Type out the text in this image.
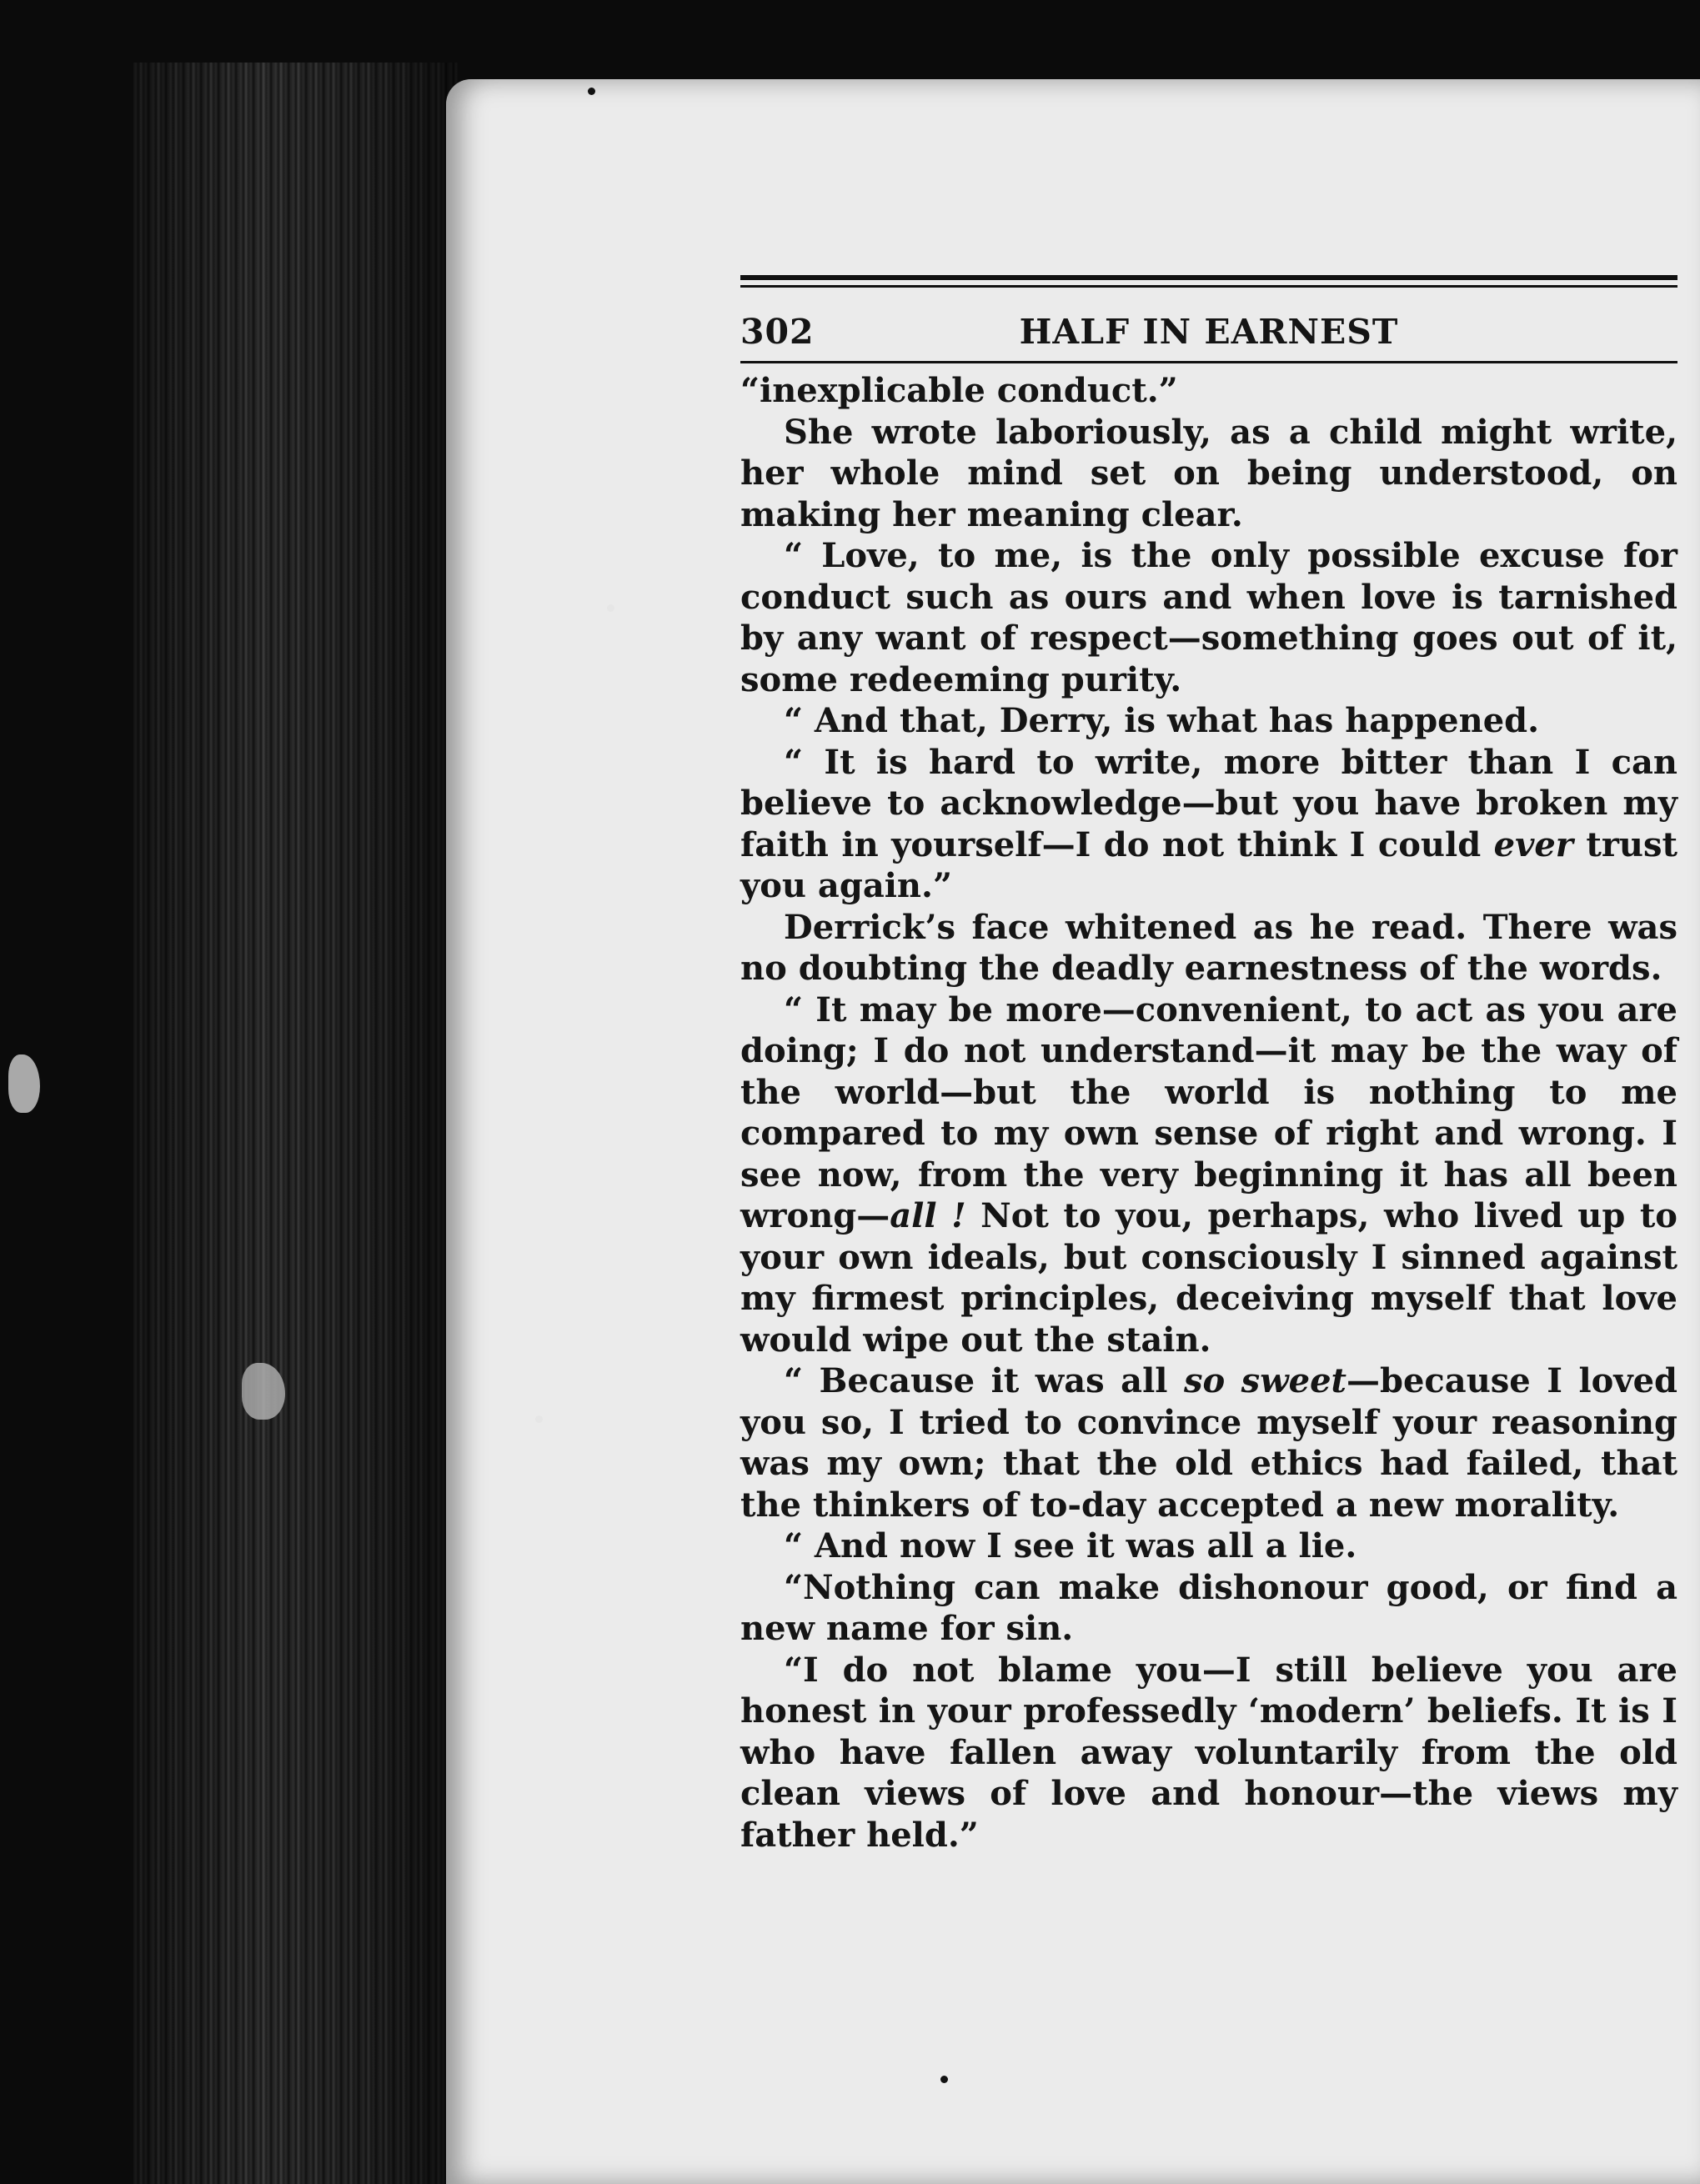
302	HALF IN EARNEST

“inexplicable conduct.”

She wrote laboriously, as a child might write, her whole mind set on being understood, on making her meaning clear.

“ Love, to me, is the only possible excuse for conduct such as ours and when love is tarnished by any want of respect—something goes out of it, some redeeming purity.

“ And that, Derry, is what has happened.

“ It is hard to write, more bitter than I can believe to acknowledge—but you have broken my faith in yourself—I do not think I could ever trust you again.”

Derrick’s face whitened as he read. There was no doubting the deadly earnestness of the words.

“ It may be more—convenient, to act as you are doing; I do not understand—it may be the way of the world—but the world is nothing to me compared to my own sense of right and wrong. I see now, from the very beginning it has all been wrong—all ! Not to you, perhaps, who lived up to your own ideals, but consciously I sinned against my firmest principles, deceiving myself that love would wipe out the stain.

“ Because it was all so sweet—because I loved you so, I tried to convince myself your reasoning was my own; that the old ethics had failed, that the thinkers of to-day accepted a new morality.

“ And now I see it was all a lie.

“Nothing can make dishonour good, or find a new name for sin.

“I do not blame you—I still believe you are honest in your professedly ‘modern’ beliefs. It is I who have fallen away voluntarily from the old clean views of love and honour—the views my father held.”
